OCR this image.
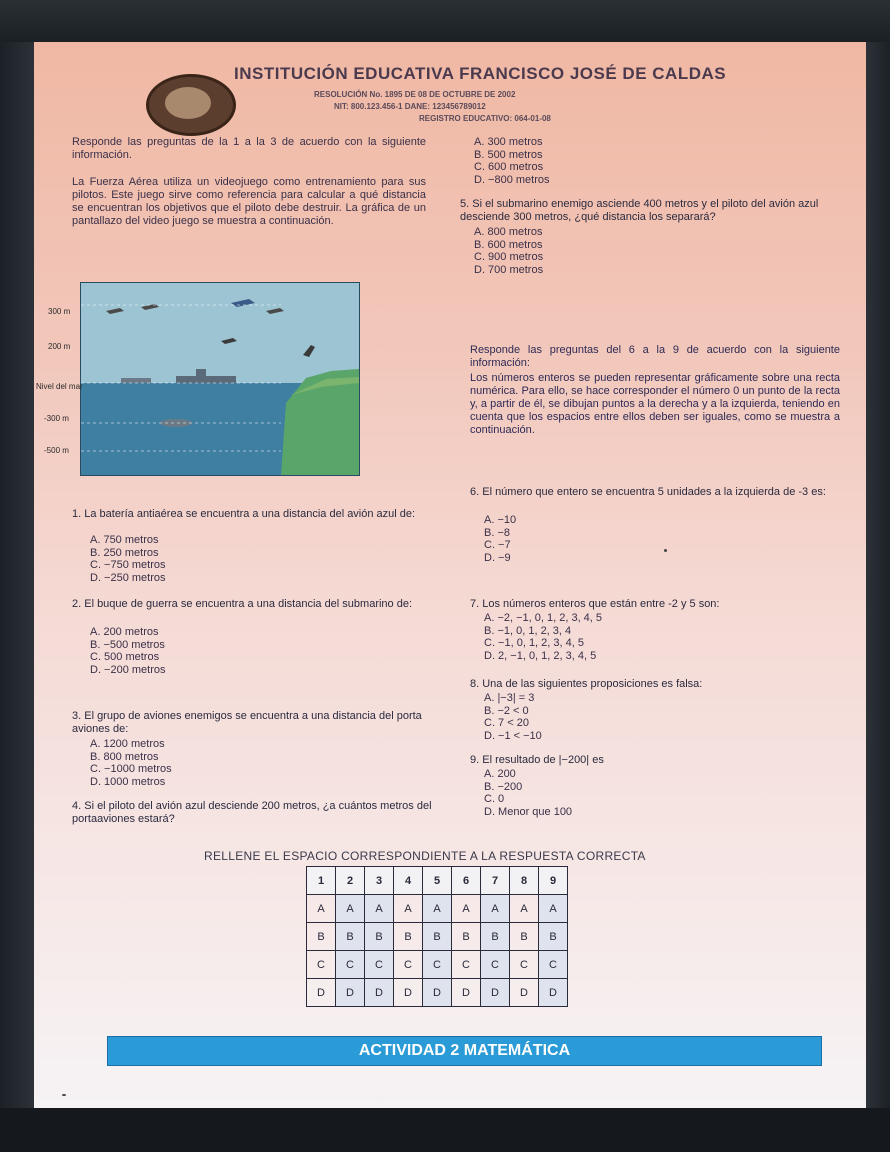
INSTITUCIÓN EDUCATIVA FRANCISCO JOSÉ DE CALDAS
RESOLUCIÓN No. 1895 DE 08 DE OCTUBRE DE 2002
NIT: 800.123.456-1 DANE: 123456789012
REGISTRO EDUCATIVO: 064-01-08
Responde las preguntas de la 1 a la 3 de acuerdo con la siguiente información.
La Fuerza Aérea utiliza un videojuego como entrenamiento para sus pilotos. Este juego sirve como referencia para calcular a qué distancia se encuentran los objetivos que el piloto debe destruir. La gráfica de un pantallazo del video juego se muestra a continuación.
300 m
200 m
Nivel del mar
-300 m
-500 m
1. La batería antiaérea se encuentra a una distancia del avión azul de:
A. 750 metros
B. 250 metros
C. −750 metros
D. −250 metros
2. El buque de guerra se encuentra a una distancia del submarino de:
A. 200 metros
B. −500 metros
C. 500 metros
D. −200 metros
3. El grupo de aviones enemigos se encuentra a una distancia del porta aviones de:
A. 1200 metros
B. 800 metros
C. −1000 metros
D. 1000 metros
4. Si el piloto del avión azul desciende 200 metros, ¿a cuántos metros del portaaviones estará?
A. 300 metros
B. 500 metros
C. 600 metros
D. −800 metros
5. Si el submarino enemigo asciende 400 metros y el piloto del avión azul desciende 300 metros, ¿qué distancia los separará?
A. 800 metros
B. 600 metros
C. 900 metros
D. 700 metros
Responde las preguntas del 6 a la 9 de acuerdo con la siguiente información:
Los números enteros se pueden representar gráficamente sobre una recta numérica. Para ello, se hace corresponder el número 0 un punto de la recta y, a partir de él, se dibujan puntos a la derecha y a la izquierda, teniendo en cuenta que los espacios entre ellos deben ser iguales, como se muestra a continuación.
6. El número que entero se encuentra 5 unidades a la izquierda de -3 es:
A. −10
B. −8
C. −7
D. −9
7. Los números enteros que están entre -2 y 5 son:
A. −2, −1, 0, 1, 2, 3, 4, 5
B. −1, 0, 1, 2, 3, 4
C. −1, 0, 1, 2, 3, 4, 5
D. 2, −1, 0, 1, 2, 3, 4, 5
8. Una de las siguientes proposiciones es falsa:
A. |−3| = 3
B. −2 < 0
C. 7 < 20
D. −1 < −10
9. El resultado de |−200| es
A. 200
B. −200
C. 0
D. Menor que 100
RELLENE EL ESPACIO CORRESPONDIENTE A LA RESPUESTA CORRECTA
1	2	3	4	5	6	7	8	9
A	A	A	A	A	A	A	A	A
B	B	B	B	B	B	B	B	B
C	C	C	C	C	C	C	C	C
D	D	D	D	D	D	D	D	D
ACTIVIDAD 2 MATEMÁTICA
